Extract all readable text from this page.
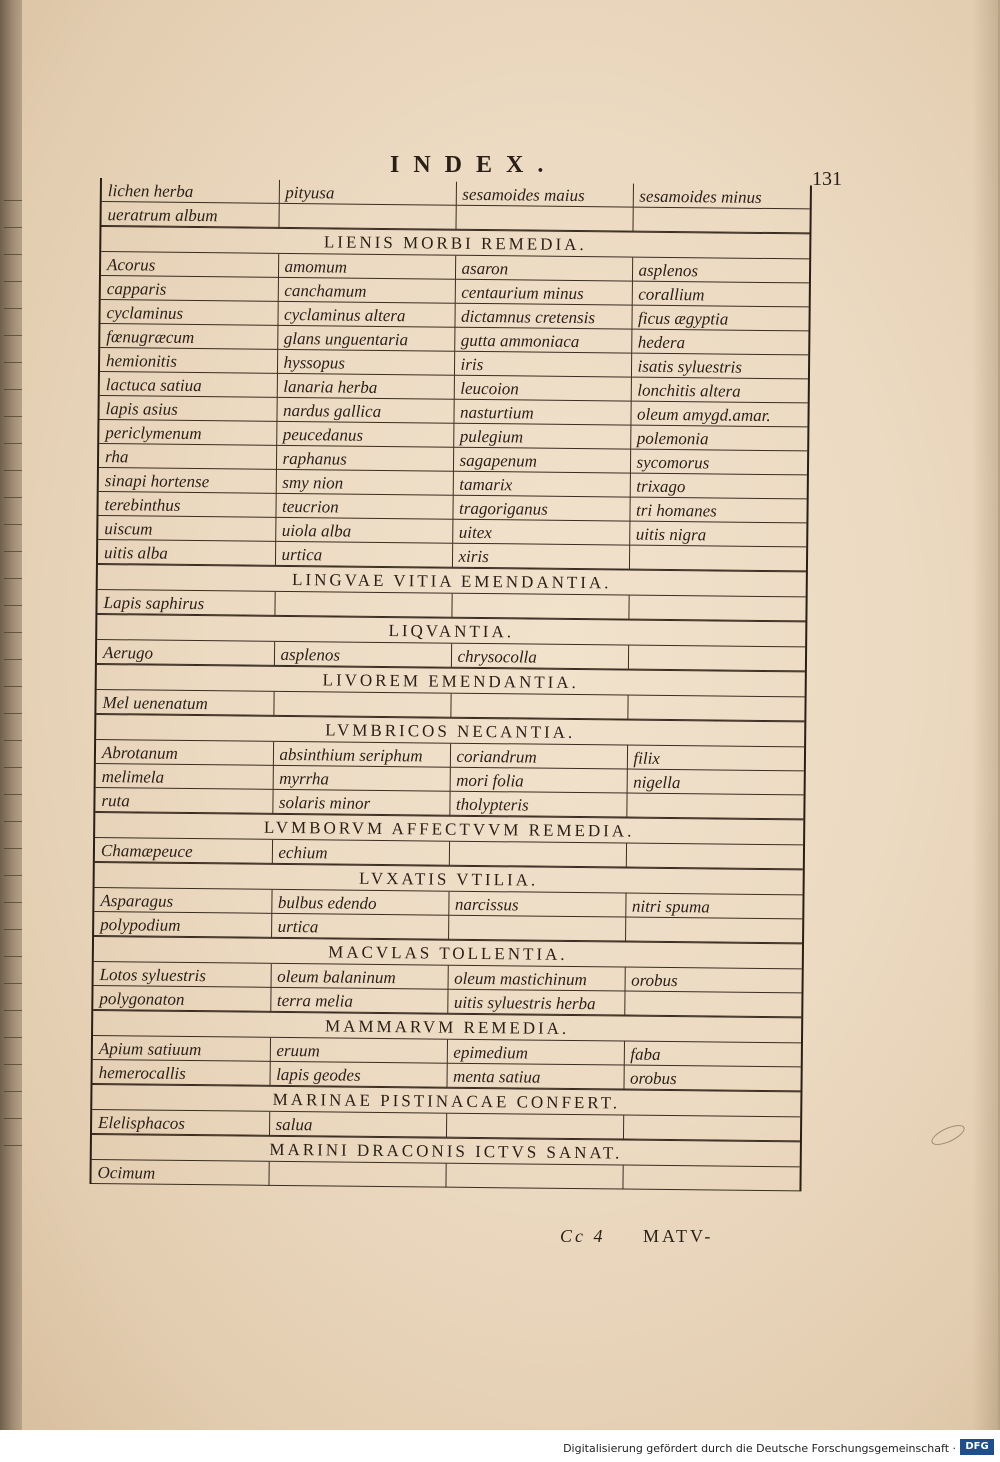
INDEX.
131
lichen herba	pityusa	sesamoides maius	sesamoides minus
ueratrum album			
LIENIS MORBI REMEDIA.
Acorus	amomum	asaron	asplenos
capparis	canchamum	centaurium minus	corallium
cyclaminus	cyclaminus altera	dictamnus cretensis	ficus ægyptia
fœnugræcum	glans unguentaria	gutta ammoniaca	hedera
hemionitis	hyssopus	iris	isatis syluestris
lactuca satiua	lanaria herba	leucoion	lonchitis altera
lapis asius	nardus gallica	nasturtium	oleum amygd.amar.
periclymenum	peucedanus	pulegium	polemonia
rha	raphanus	sagapenum	sycomorus
sinapi hortense	smy nion	tamarix	trixago
terebinthus	teucrion	tragoriganus	tri homanes
uiscum	uiola alba	uitex	uitis nigra
uitis alba	urtica	xiris	
LINGVAE VITIA EMENDANTIA.
Lapis saphirus			
LIQVANTIA.
Aerugo	asplenos	chrysocolla	
LIVOREM EMENDANTIA.
Mel uenenatum			
LVMBRICOS NECANTIA.
Abrotanum	absinthium seriphum	coriandrum	filix
melimela	myrrha	mori folia	nigella
ruta	solaris minor	tholypteris	
LVMBORVM AFFECTVVM REMEDIA.
Chamæpeuce	echium		
LVXATIS VTILIA.
Asparagus	bulbus edendo	narcissus	nitri spuma
polypodium	urtica		
MACVLAS TOLLENTIA.
Lotos syluestris	oleum balaninum	oleum mastichinum	orobus
polygonaton	terra melia	uitis syluestris herba	
MAMMARVM REMEDIA.
Apium satiuum	eruum	epimedium	faba
hemerocallis	lapis geodes	menta satiua	orobus
MARINAE PISTINACAE CONFERT.
Elelisphacos	salua		
MARINI DRACONIS ICTVS SANAT.
Ocimum			
Cc 4 MATV-
Digitalisierung gefördert durch die Deutsche Forschungsgemeinschaft · DFG
